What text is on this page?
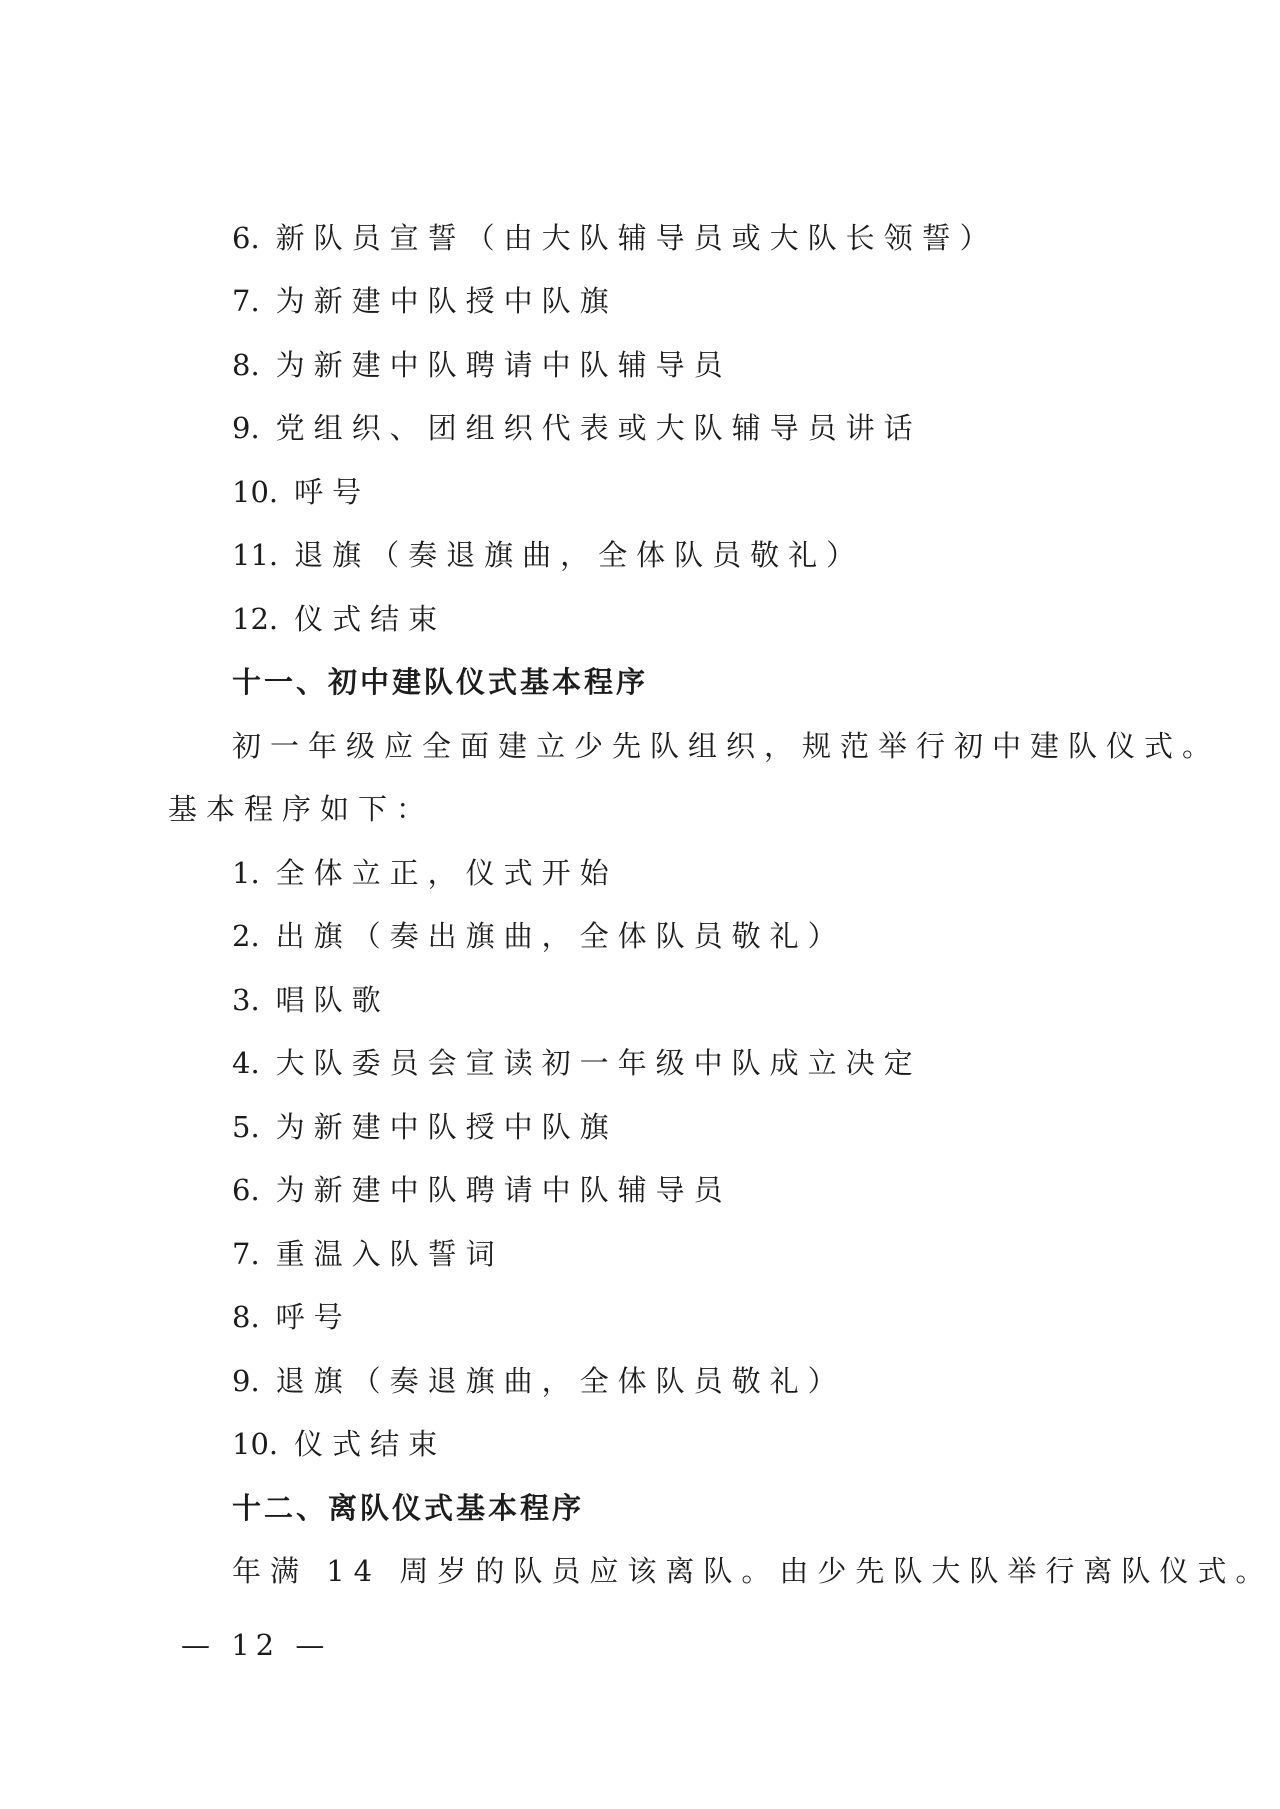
6. 新队员宣誓（由大队辅导员或大队长领誓）
7. 为新建中队授中队旗
8. 为新建中队聘请中队辅导员
9. 党组织、团组织代表或大队辅导员讲话
10. 呼号
11. 退旗（奏退旗曲，全体队员敬礼）
12. 仪式结束
十一、初中建队仪式基本程序
初一年级应全面建立少先队组织，规范举行初中建队仪式。
基本程序如下：
1. 全体立正，仪式开始
2. 出旗（奏出旗曲，全体队员敬礼）
3. 唱队歌
4. 大队委员会宣读初一年级中队成立决定
5. 为新建中队授中队旗
6. 为新建中队聘请中队辅导员
7. 重温入队誓词
8. 呼号
9. 退旗（奏退旗曲，全体队员敬礼）
10. 仪式结束
十二、离队仪式基本程序
年满 14 周岁的队员应该离队。由少先队大队举行离队仪式。
— 12 —
